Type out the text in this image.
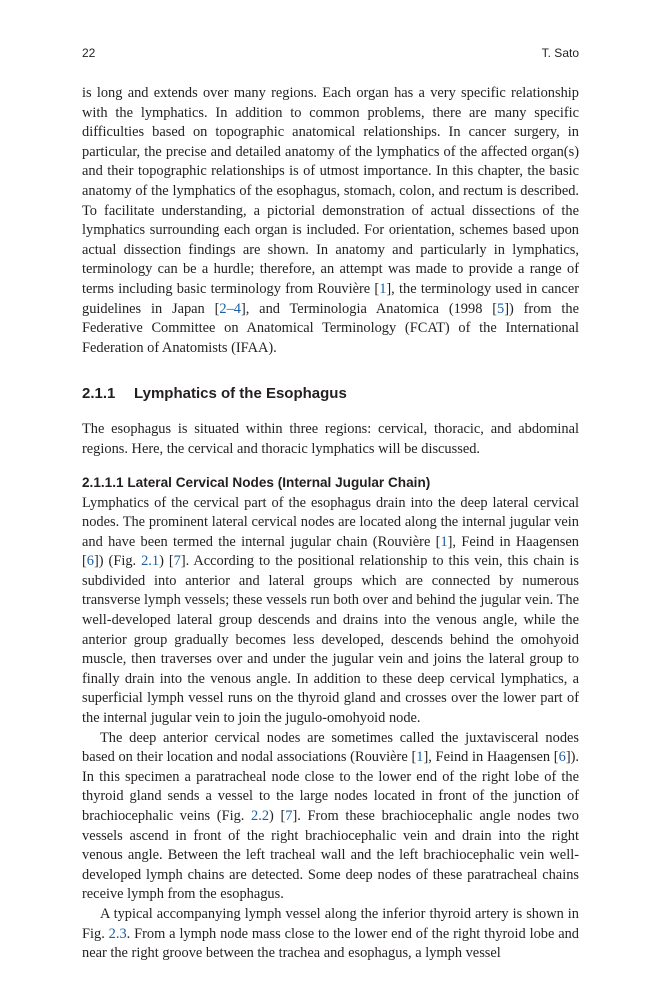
22	T. Sato

is long and extends over many regions. Each organ has a very specific relationship with the lymphatics. In addition to common problems, there are many specific difficulties based on topographic anatomical relationships. In cancer surgery, in particular, the precise and detailed anatomy of the lymphatics of the affected organ(s) and their topographic relationships is of utmost importance. In this chapter, the basic anatomy of the lymphatics of the esophagus, stomach, colon, and rectum is described. To facilitate understanding, a pictorial demonstration of actual dissections of the lymphatics surrounding each organ is included. For orientation, schemes based upon actual dissection findings are shown. In anatomy and particularly in lymphatics, terminology can be a hurdle; therefore, an attempt was made to provide a range of terms including basic terminology from Rouvière [1], the terminology used in cancer guidelines in Japan [2–4], and Terminologia Anatomica (1998 [5]) from the Federative Committee on Anatomical Terminology (FCAT) of the International Federation of Anatomists (IFAA).

2.1.1 Lymphatics of the Esophagus

The esophagus is situated within three regions: cervical, thoracic, and abdominal regions. Here, the cervical and thoracic lymphatics will be discussed.

2.1.1.1 Lateral Cervical Nodes (Internal Jugular Chain)

Lymphatics of the cervical part of the esophagus drain into the deep lateral cervical nodes. The prominent lateral cervical nodes are located along the internal jugular vein and have been termed the internal jugular chain (Rouvière [1], Feind in Haagensen [6]) (Fig. 2.1) [7]. According to the positional relationship to this vein, this chain is subdivided into anterior and lateral groups which are connected by numerous transverse lymph vessels; these vessels run both over and behind the jugular vein. The well-developed lateral group descends and drains into the venous angle, while the anterior group gradually becomes less developed, descends behind the omohyoid muscle, then traverses over and under the jugular vein and joins the lateral group to finally drain into the venous angle. In addition to these deep cervical lymphatics, a superficial lymph vessel runs on the thyroid gland and crosses over the lower part of the internal jugular vein to join the jugulo-omohyoid node.

The deep anterior cervical nodes are sometimes called the juxtavisceral nodes based on their location and nodal associations (Rouvière [1], Feind in Haagensen [6]). In this specimen a paratracheal node close to the lower end of the right lobe of the thyroid gland sends a vessel to the large nodes located in front of the junction of brachiocephalic veins (Fig. 2.2) [7]. From these brachiocephalic angle nodes two vessels ascend in front of the right brachiocephalic vein and drain into the right venous angle. Between the left tracheal wall and the left brachiocephalic vein well-developed lymph chains are detected. Some deep nodes of these paratracheal chains receive lymph from the esophagus.

A typical accompanying lymph vessel along the inferior thyroid artery is shown in Fig. 2.3. From a lymph node mass close to the lower end of the right thyroid lobe and near the right groove between the trachea and esophagus, a lymph vessel
